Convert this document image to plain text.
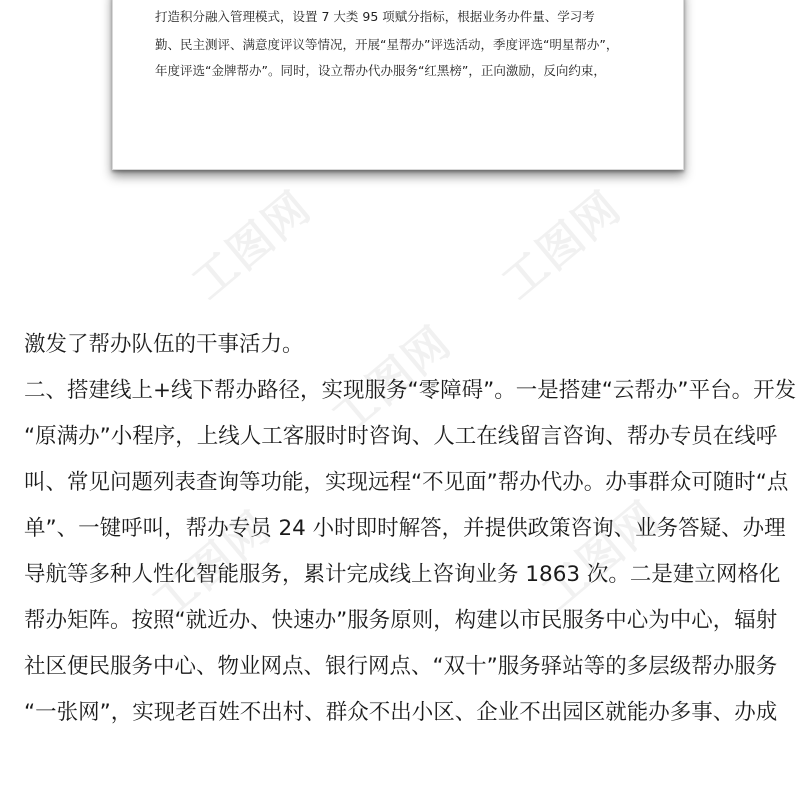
打造积分融入管理模式，设置 7 大类 95 项赋分指标，根据业务办件量、学习考
勤、民主测评、满意度评议等情况，开展“星帮办”评选活动，季度评选“明星帮办”，
年度评选“金牌帮办”。同时，设立帮办代办服务“红黑榜”，正向激励，反向约束，
工图网	工图网
工图网
工图网	工图网
激发了帮办队伍的干事活力。
二、搭建线上+线下帮办路径，实现服务“零障碍”。一是搭建“云帮办”平台。开发
“原满办”小程序，上线人工客服时时咨询、人工在线留言咨询、帮办专员在线呼
叫、常见问题列表查询等功能，实现远程“不见面”帮办代办。办事群众可随时“点
单”、一键呼叫，帮办专员 24 小时即时解答，并提供政策咨询、业务答疑、办理
导航等多种人性化智能服务，累计完成线上咨询业务 1863 次。二是建立网格化
帮办矩阵。按照“就近办、快速办”服务原则，构建以市民服务中心为中心，辐射
社区便民服务中心、物业网点、银行网点、“双十”服务驿站等的多层级帮办服务
“一张网”，实现老百姓不出村、群众不出小区、企业不出园区就能办多事、办成
